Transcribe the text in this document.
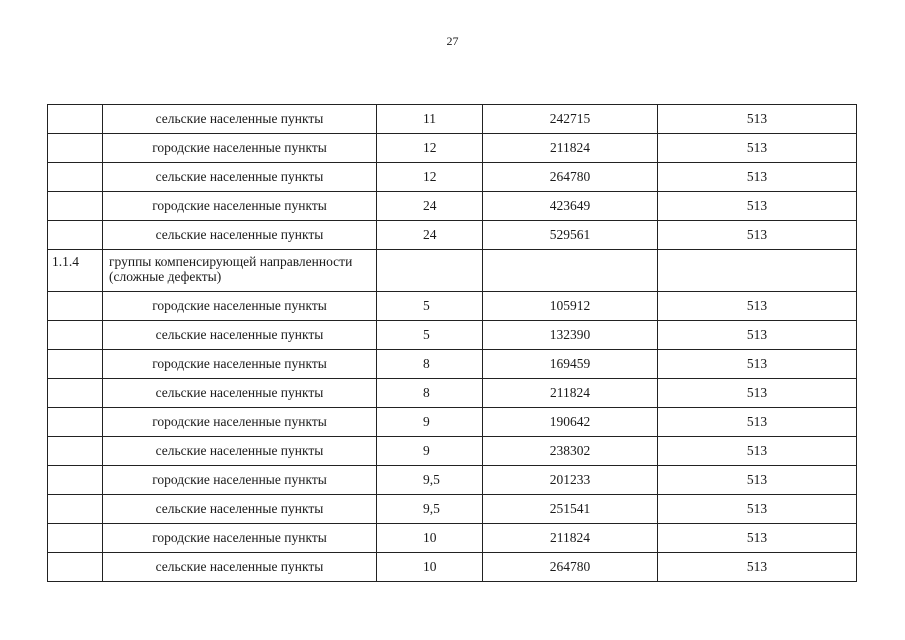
27
	сельские населенные пункты	11	242715	513
	городские населенные пункты	12	211824	513
	сельские населенные пункты	12	264780	513
	городские населенные пункты	24	423649	513
	сельские населенные пункты	24	529561	513
1.1.4	группы компенсирующей направленности (сложные дефекты)			
	городские населенные пункты	5	105912	513
	сельские населенные пункты	5	132390	513
	городские населенные пункты	8	169459	513
	сельские населенные пункты	8	211824	513
	городские населенные пункты	9	190642	513
	сельские населенные пункты	9	238302	513
	городские населенные пункты	9,5	201233	513
	сельские населенные пункты	9,5	251541	513
	городские населенные пункты	10	211824	513
	сельские населенные пункты	10	264780	513
